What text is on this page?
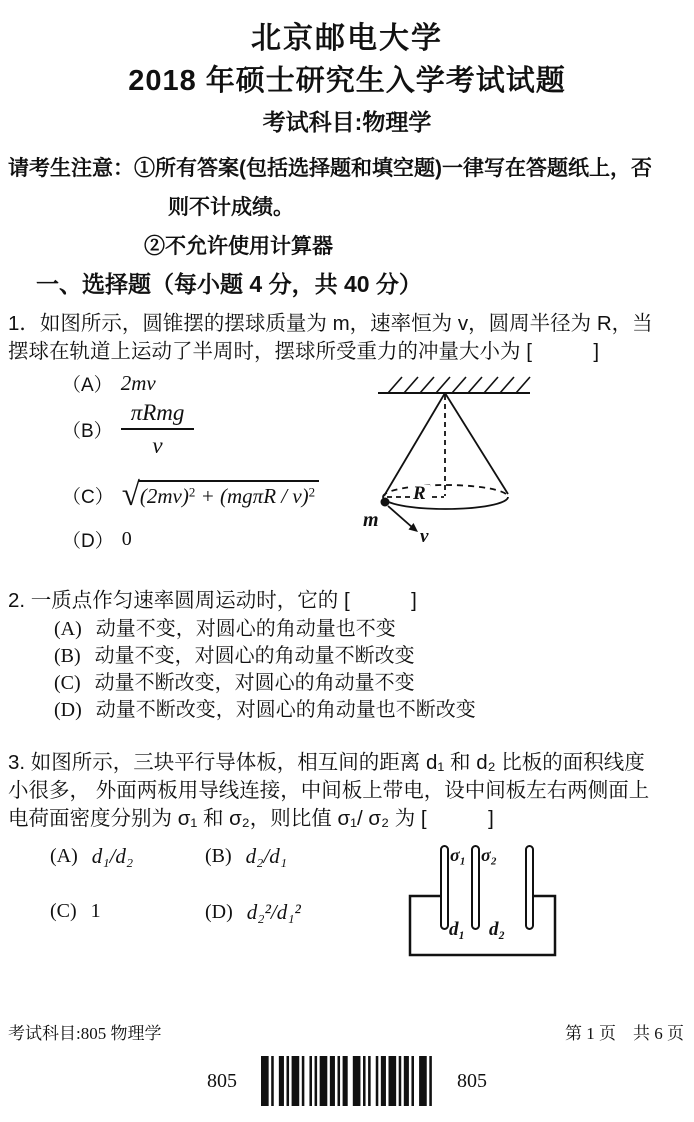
北京邮电大学
2018 年硕士研究生入学考试试题
考试科目:物理学
请考生注意：①所有答案(包括选择题和填空题)一律写在答题纸上，否
则不计成绩。
②不允许使用计算器
一、选择题（每小题 4 分，共 40 分）
1．如图所示，圆锥摆的摆球质量为 m，速率恒为 v，圆周半径为 R，当
摆球在轨道上运动了半周时，摆球所受重力的冲量大小为 [　　　]
（A） 2mv
$(B) \frac{\text{πRmg}}{v}$
（C） √ $(2mv)^2 + (mg\pi R / v)^2$
（D） 0
R
m
v⃗
2. 一质点作匀速率圆周运动时，它的 [　　　]
(A) 动量不变，对圆心的角动量也不变
(B) 动量不变，对圆心的角动量不断改变
(C) 动量不断改变，对圆心的角动量不变
(D) 动量不断改变，对圆心的角动量也不断改变
3. 如图所示，三块平行导体板，相互间的距离 d₁ 和 d₂ 比板的面积线度
小很多， 外面两板用导线连接，中间板上带电，设中间板左右两侧面上
电荷面密度分别为 σ₁ 和 σ₂，则比值 σ₁/ σ₂ 为 [　　　]
(A) d₁/d₂	(B) d₂/d₁
(C) 1	(D) d₂²/d₁²
σ₁ σ₂
d₁ d₂
考试科目:805 物理学	第 1 页　共 6 页
805	805
